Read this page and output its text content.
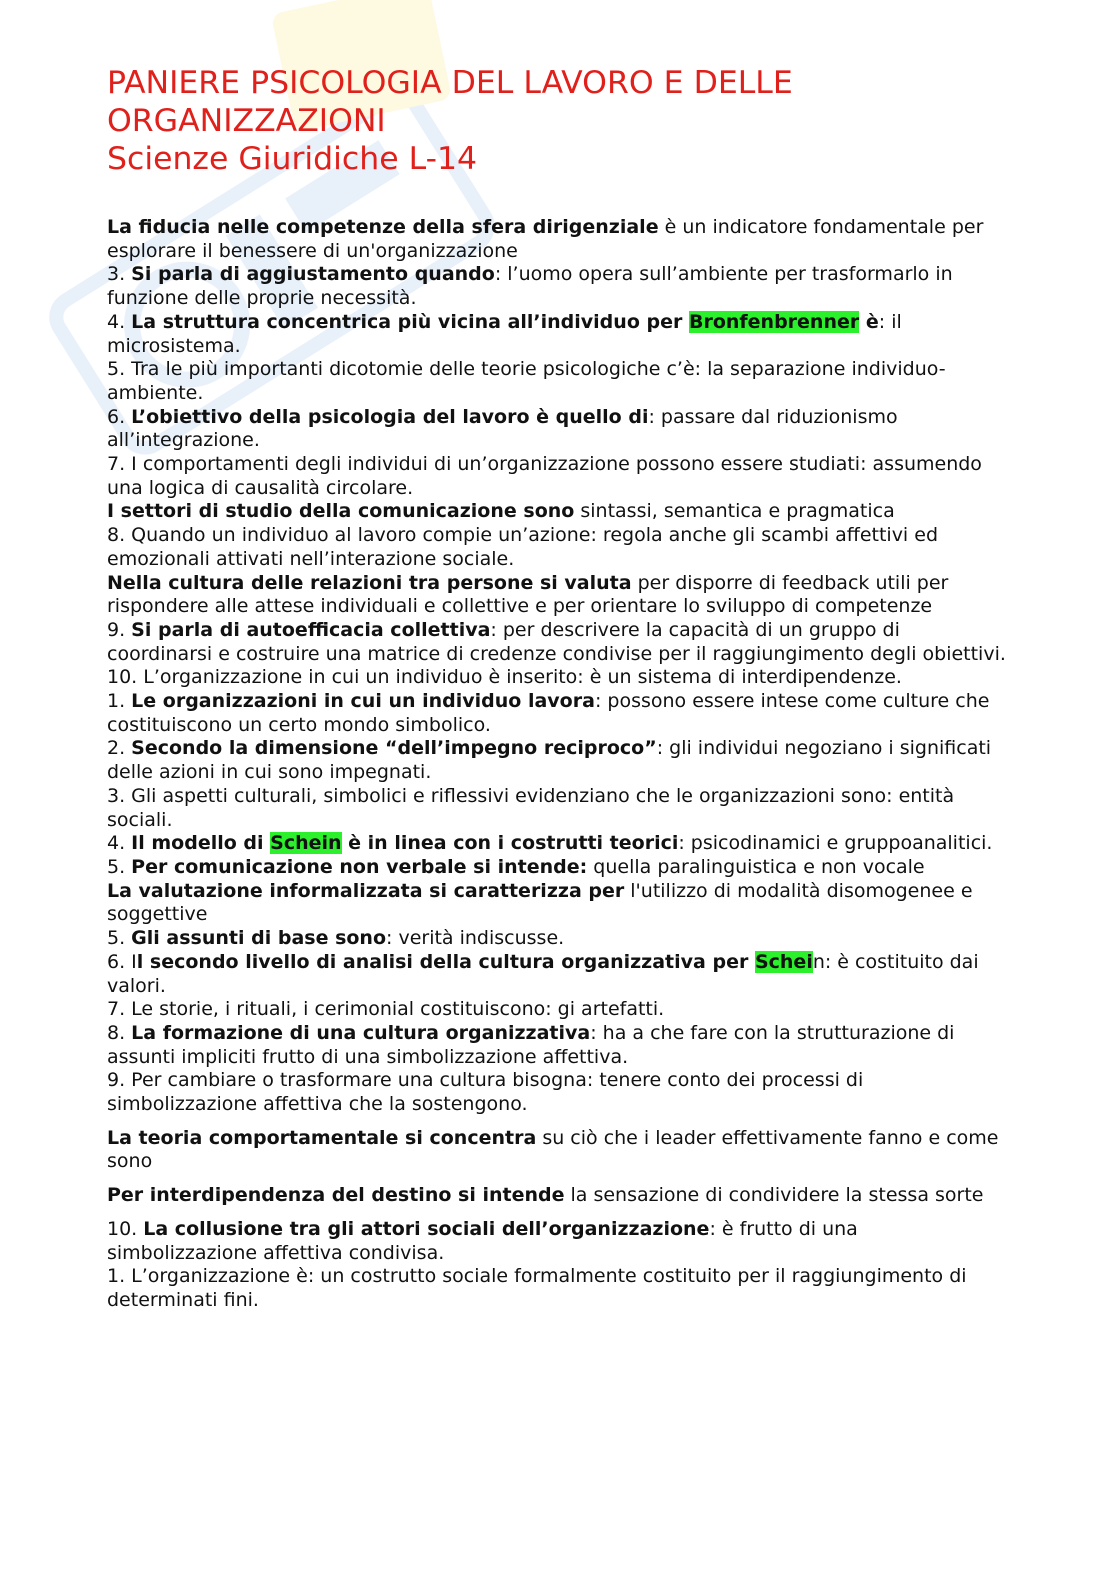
PANIERE PSICOLOGIA DEL LAVORO E DELLE ORGANIZZAZIONI
Scienze Giuridiche L-14

La fiducia nelle competenze della sfera dirigenziale è un indicatore fondamentale per esplorare il benessere di un'organizzazione

3. Si parla di aggiustamento quando: l’uomo opera sull’ambiente per trasformarlo in funzione delle proprie necessità.

4. La struttura concentrica più vicina all’individuo per Bronfenbrenner è: il microsistema.

5. Tra le più importanti dicotomie delle teorie psicologiche c’è: la separazione individuo-ambiente.

6. L’obiettivo della psicologia del lavoro è quello di: passare dal riduzionismo all’integrazione.

7. I comportamenti degli individui di un’organizzazione possono essere studiati: assumendo una logica di causalità circolare.

I settori di studio della comunicazione sono sintassi, semantica e pragmatica

8. Quando un individuo al lavoro compie un’azione: regola anche gli scambi affettivi ed emozionali attivati nell’interazione sociale.

Nella cultura delle relazioni tra persone si valuta per disporre di feedback utili per rispondere alle attese individuali e collettive e per orientare lo sviluppo di competenze

9. Si parla di autoefficacia collettiva: per descrivere la capacità di un gruppo di coordinarsi e costruire una matrice di credenze condivise per il raggiungimento degli obiettivi.

10. L’organizzazione in cui un individuo è inserito: è un sistema di interdipendenze.

1. Le organizzazioni in cui un individuo lavora: possono essere intese come culture che costituiscono un certo mondo simbolico.

2. Secondo la dimensione “dell’impegno reciproco”: gli individui negoziano i significati delle azioni in cui sono impegnati.

3. Gli aspetti culturali, simbolici e riflessivi evidenziano che le organizzazioni sono: entità sociali.

4. Il modello di Schein è in linea con i costrutti teorici: psicodinamici e gruppoanalitici.

5. Per comunicazione non verbale si intende: quella paralinguistica e non vocale

La valutazione informalizzata si caratterizza per l'utilizzo di modalità disomogenee e soggettive

5. Gli assunti di base sono: verità indiscusse.

6. Il secondo livello di analisi della cultura organizzativa per Schein: è costituito dai valori.

7. Le storie, i rituali, i cerimonial costituiscono: gi artefatti.

8. La formazione di una cultura organizzativa: ha a che fare con la strutturazione di assunti impliciti frutto di una simbolizzazione affettiva.

9. Per cambiare o trasformare una cultura bisogna: tenere conto dei processi di simbolizzazione affettiva che la sostengono.

La teoria comportamentale si concentra su ciò che i leader effettivamente fanno e come sono

Per interdipendenza del destino si intende la sensazione di condividere la stessa sorte

10. La collusione tra gli attori sociali dell’organizzazione: è frutto di una simbolizzazione affettiva condivisa.

1. L’organizzazione è: un costrutto sociale formalmente costituito per il raggiungimento di determinati fini.
